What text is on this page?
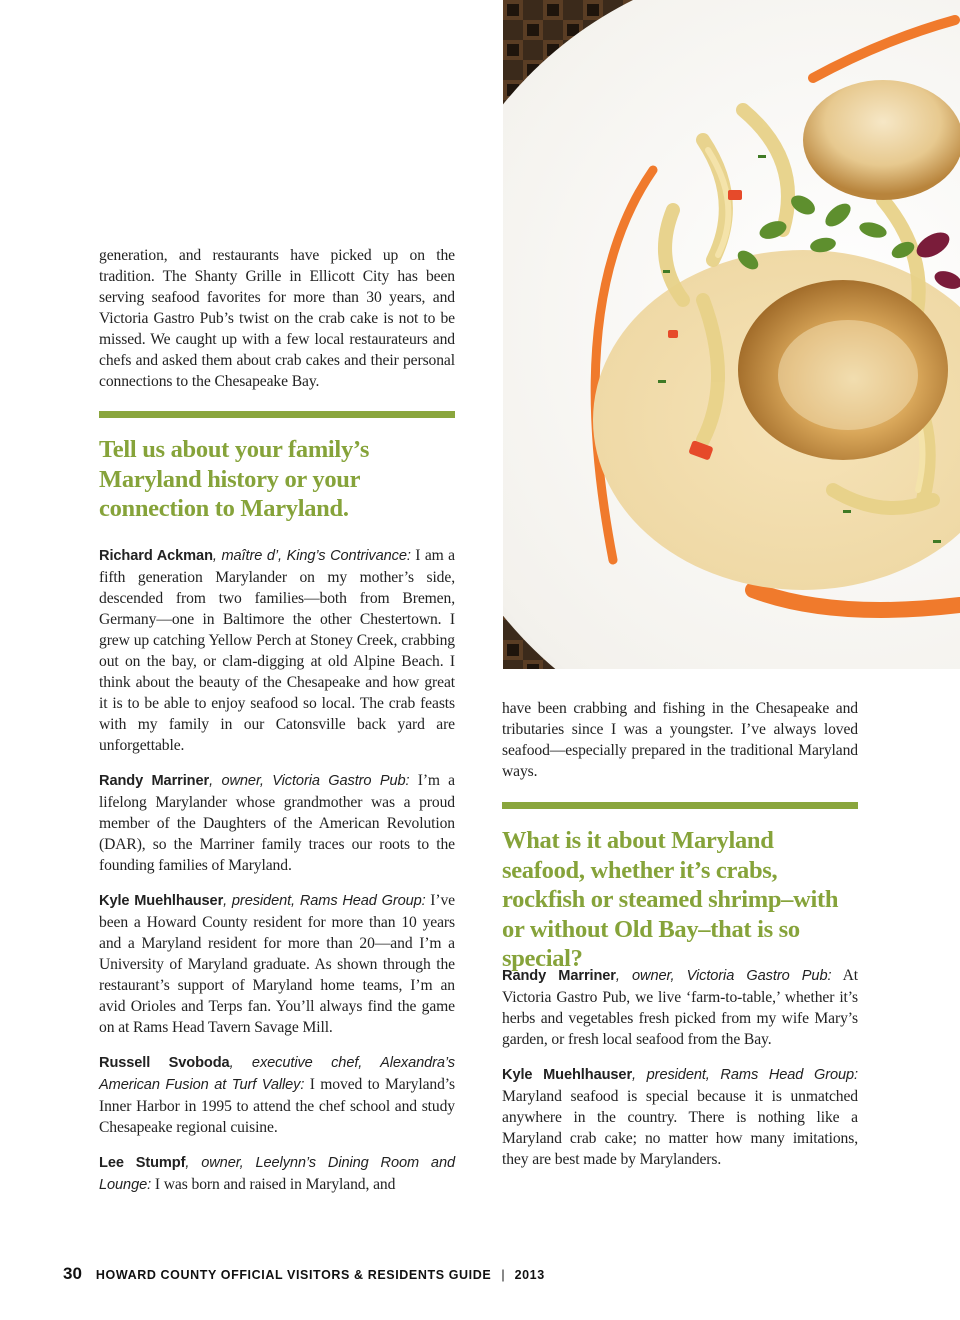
generation, and restaurants have picked up on the tradition. The Shanty Grille in Ellicott City has been serving seafood favorites for more than 30 years, and Victoria Gastro Pub’s twist on the crab cake is not to be missed. We caught up with a few local restaurateurs and chefs and asked them about crab cakes and their personal connections to the Chesapeake Bay.

Tell us about your family’s Maryland history or your connection to Maryland.

Richard Ackman, maître d’, King’s Contrivance: I am a fifth generation Marylander on my mother’s side, descended from two families—both from Bremen, Germany—one in Baltimore the other Chestertown. I grew up catching Yellow Perch at Stoney Creek, crabbing out on the bay, or clam-digging at old Alpine Beach. I think about the beauty of the Chesapeake and how great it is to be able to enjoy seafood so local. The crab feasts with my family in our Catonsville back yard are unforgettable.

Randy Marriner, owner, Victoria Gastro Pub: I’m a lifelong Marylander whose grandmother was a proud member of the Daughters of the American Revolution (DAR), so the Marriner family traces our roots to the founding families of Maryland.

Kyle Muehlhauser, president, Rams Head Group: I’ve been a Howard County resident for more than 10 years and a Maryland resident for more than 20—and I’m a University of Maryland graduate. As shown through the restaurant’s support of Maryland home teams, I’m an avid Orioles and Terps fan. You’ll always find the game on at Rams Head Tavern Savage Mill.

Russell Svoboda, executive chef, Alexandra’s American Fusion at Turf Valley: I moved to Maryland’s Inner Harbor in 1995 to attend the chef school and study Chesapeake regional cuisine.

Lee Stumpf, owner, Leelynn’s Dining Room and Lounge: I was born and raised in Maryland, and

have been crabbing and fishing in the Chesapeake and tributaries since I was a youngster. I’ve always loved seafood—especially prepared in the traditional Maryland ways.

What is it about Maryland seafood, whether it’s crabs, rockfish or steamed shrimp–with or without Old Bay–that is so special?

Randy Marriner, owner, Victoria Gastro Pub: At Victoria Gastro Pub, we live ‘farm-to-table,’ whether it’s herbs and vegetables fresh picked from my wife Mary’s garden, or fresh local seafood from the Bay.

Kyle Muehlhauser, president, Rams Head Group: Maryland seafood is special because it is unmatched anywhere in the country. There is nothing like a Maryland crab cake; no matter how many imitations, they are best made by Marylanders.

30 HOWARD COUNTY OFFICIAL VISITORS & RESIDENTS GUIDE | 2013
